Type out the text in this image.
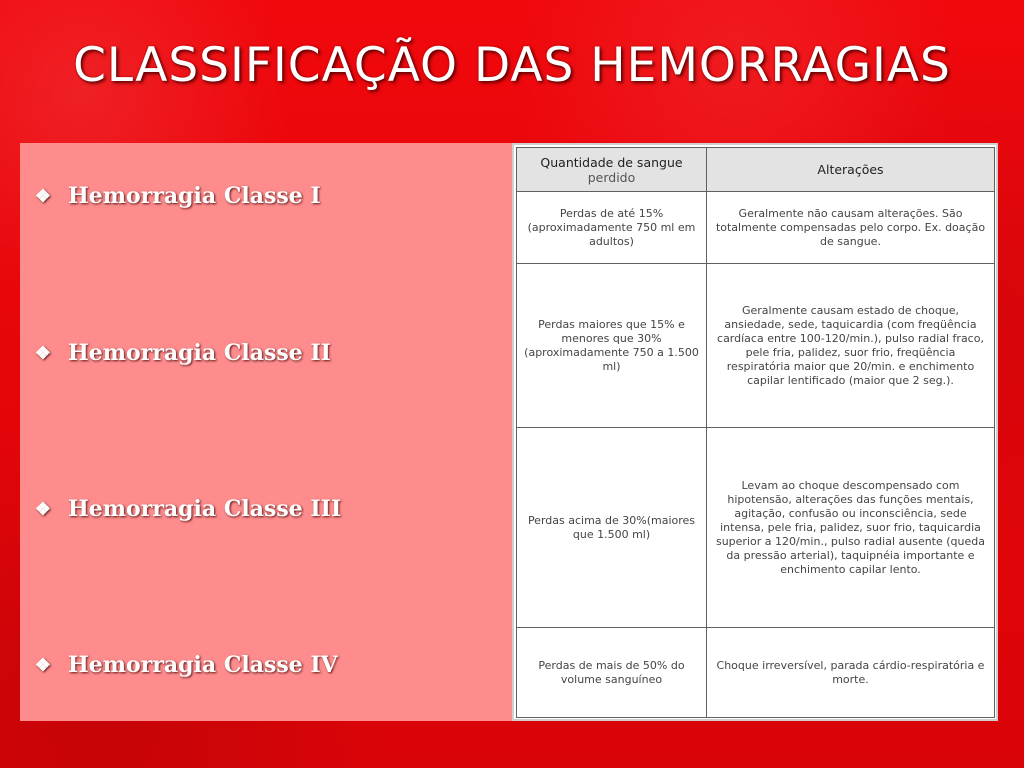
CLASSIFICAÇÃO DAS HEMORRAGIAS
❖ Hemorragia Classe I
❖ Hemorragia Classe II
❖ Hemorragia Classe III
❖ Hemorragia Classe IV
Quantidade de sangue
perdido	Alterações
Perdas de até 15% (aproximadamente 750 ml em adultos)	Geralmente não causam alterações. São totalmente compensadas pelo corpo. Ex. doação de sangue.
Perdas maiores que 15% e menores que 30%(aproximadamente 750 a 1.500 ml)	Geralmente causam estado de choque, ansiedade, sede, taquicardia (com freqüência cardíaca entre 100-120/min.), pulso radial fraco, pele fria, palidez, suor frio, freqüência respiratória maior que 20/min. e enchimento capilar lentificado (maior que 2 seg.).
Perdas acima de 30%(maiores que 1.500 ml)	Levam ao choque descompensado com hipotensão, alterações das funções mentais, agitação, confusão ou inconsciência, sede intensa, pele fria, palidez, suor frio, taquicardia superior a 120/min., pulso radial ausente (queda da pressão arterial), taquipnéia importante e enchimento capilar lento.
Perdas de mais de 50% do volume sanguíneo	Choque irreversível, parada cárdio-respiratória e morte.
